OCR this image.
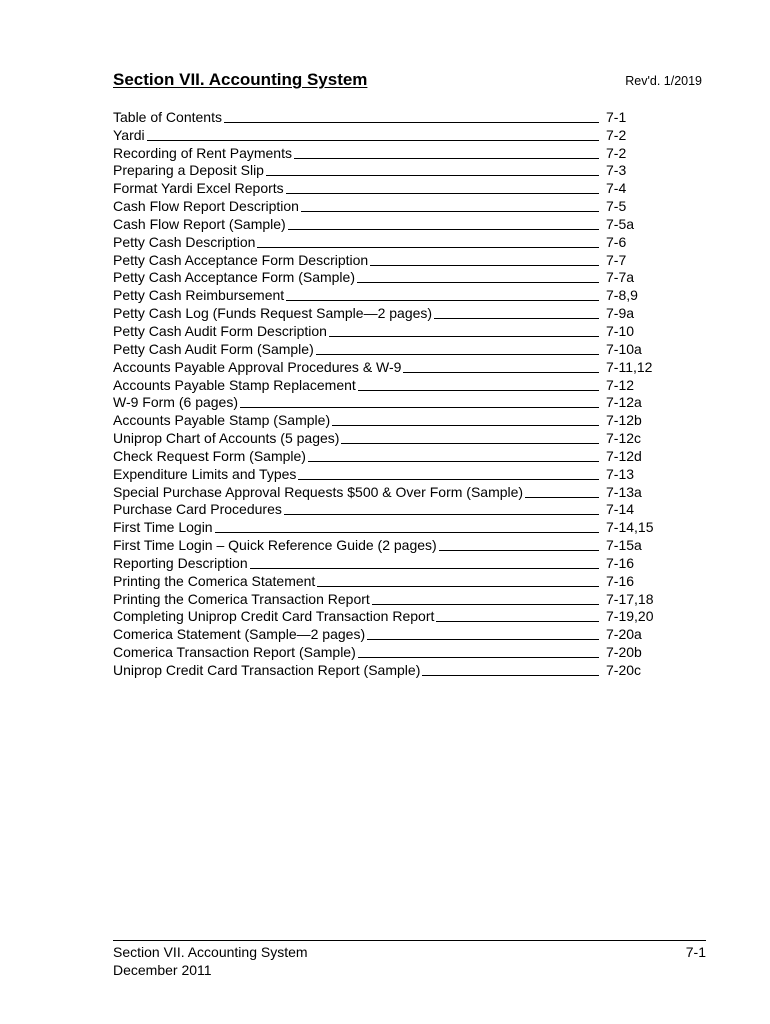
Section VII. Accounting System	Rev'd. 1/2019
Table of Contents	7-1
Yardi	7-2
Recording of Rent Payments	7-2
Preparing a Deposit Slip	7-3
Format Yardi Excel Reports	7-4
Cash Flow Report Description	7-5
Cash Flow Report (Sample)	7-5a
Petty Cash Description	7-6
Petty Cash Acceptance Form Description	7-7
Petty Cash Acceptance Form (Sample)	7-7a
Petty Cash Reimbursement	7-8,9
Petty Cash Log (Funds Request Sample—2 pages)	7-9a
Petty Cash Audit Form Description	7-10
Petty Cash Audit Form (Sample)	7-10a
Accounts Payable Approval Procedures & W-9	7-11,12
Accounts Payable Stamp Replacement	7-12
W-9 Form (6 pages)	7-12a
Accounts Payable Stamp (Sample)	7-12b
Uniprop Chart of Accounts (5 pages)	7-12c
Check Request Form (Sample)	7-12d
Expenditure Limits and Types	7-13
Special Purchase Approval Requests $500 & Over Form (Sample)	7-13a
Purchase Card Procedures	7-14
First Time Login	7-14,15
First Time Login – Quick Reference Guide (2 pages)	7-15a
Reporting Description	7-16
Printing the Comerica Statement	7-16
Printing the Comerica Transaction Report	7-17,18
Completing Uniprop Credit Card Transaction Report	7-19,20
Comerica Statement (Sample—2 pages)	7-20a
Comerica Transaction Report (Sample)	7-20b
Uniprop Credit Card Transaction Report (Sample)	7-20c
Section VII. Accounting System
December 2011
7-1
